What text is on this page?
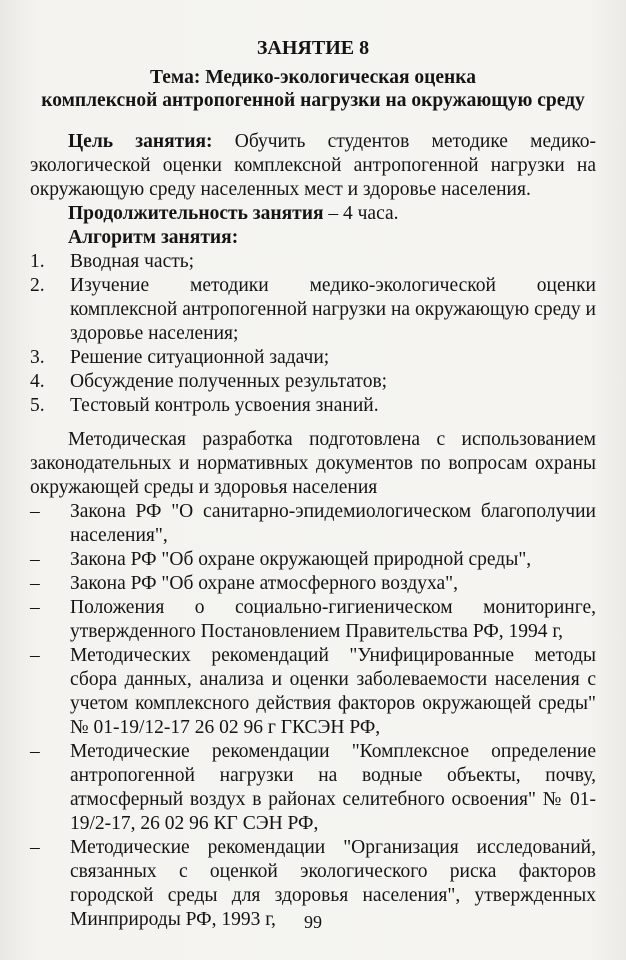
ЗАНЯТИЕ 8
Тема: Медико-экологическая оценка
комплексной антропогенной нагрузки на окружающую среду
Цель занятия: Обучить студентов методике медико-экологической оценки комплексной антропогенной нагрузки на окружающую среду населенных мест и здоровье населения.
Продолжительность занятия – 4 часа.
Алгоритм занятия:
1.	Вводная часть;
2.	Изучение методики медико-экологической оценки комплексной антропогенной нагрузки на окружающую среду и здоровье населения;
3.	Решение ситуационной задачи;
4.	Обсуждение полученных результатов;
5.	Тестовый контроль усвоения знаний.
Методическая разработка подготовлена с использованием законодательных и нормативных документов по вопросам охраны окружающей среды и здоровья населения
–	Закона РФ "О санитарно-эпидемиологическом благополучии населения",
–	Закона РФ "Об охране окружающей природной среды",
–	Закона РФ "Об охране атмосферного воздуха",
–	Положения о социально-гигиеническом мониторинге, утвержденного Постановлением Правительства РФ, 1994 г,
–	Методических рекомендаций "Унифицированные методы сбора данных, анализа и оценки заболеваемости населения с учетом комплексного действия факторов окружающей среды" № 01-19/12-17 26 02 96 г ГКСЭН РФ,
–	Методические рекомендации "Комплексное определение антропогенной нагрузки на водные объекты, почву, атмосферный воздух в районах селитебного освоения" № 01-19/2-17, 26 02 96 КГ СЭН РФ,
–	Методические рекомендации "Организация исследований, связанных с оценкой экологического риска факторов городской среды для здоровья населения", утвержденных Минприроды РФ, 1993 г,	99
